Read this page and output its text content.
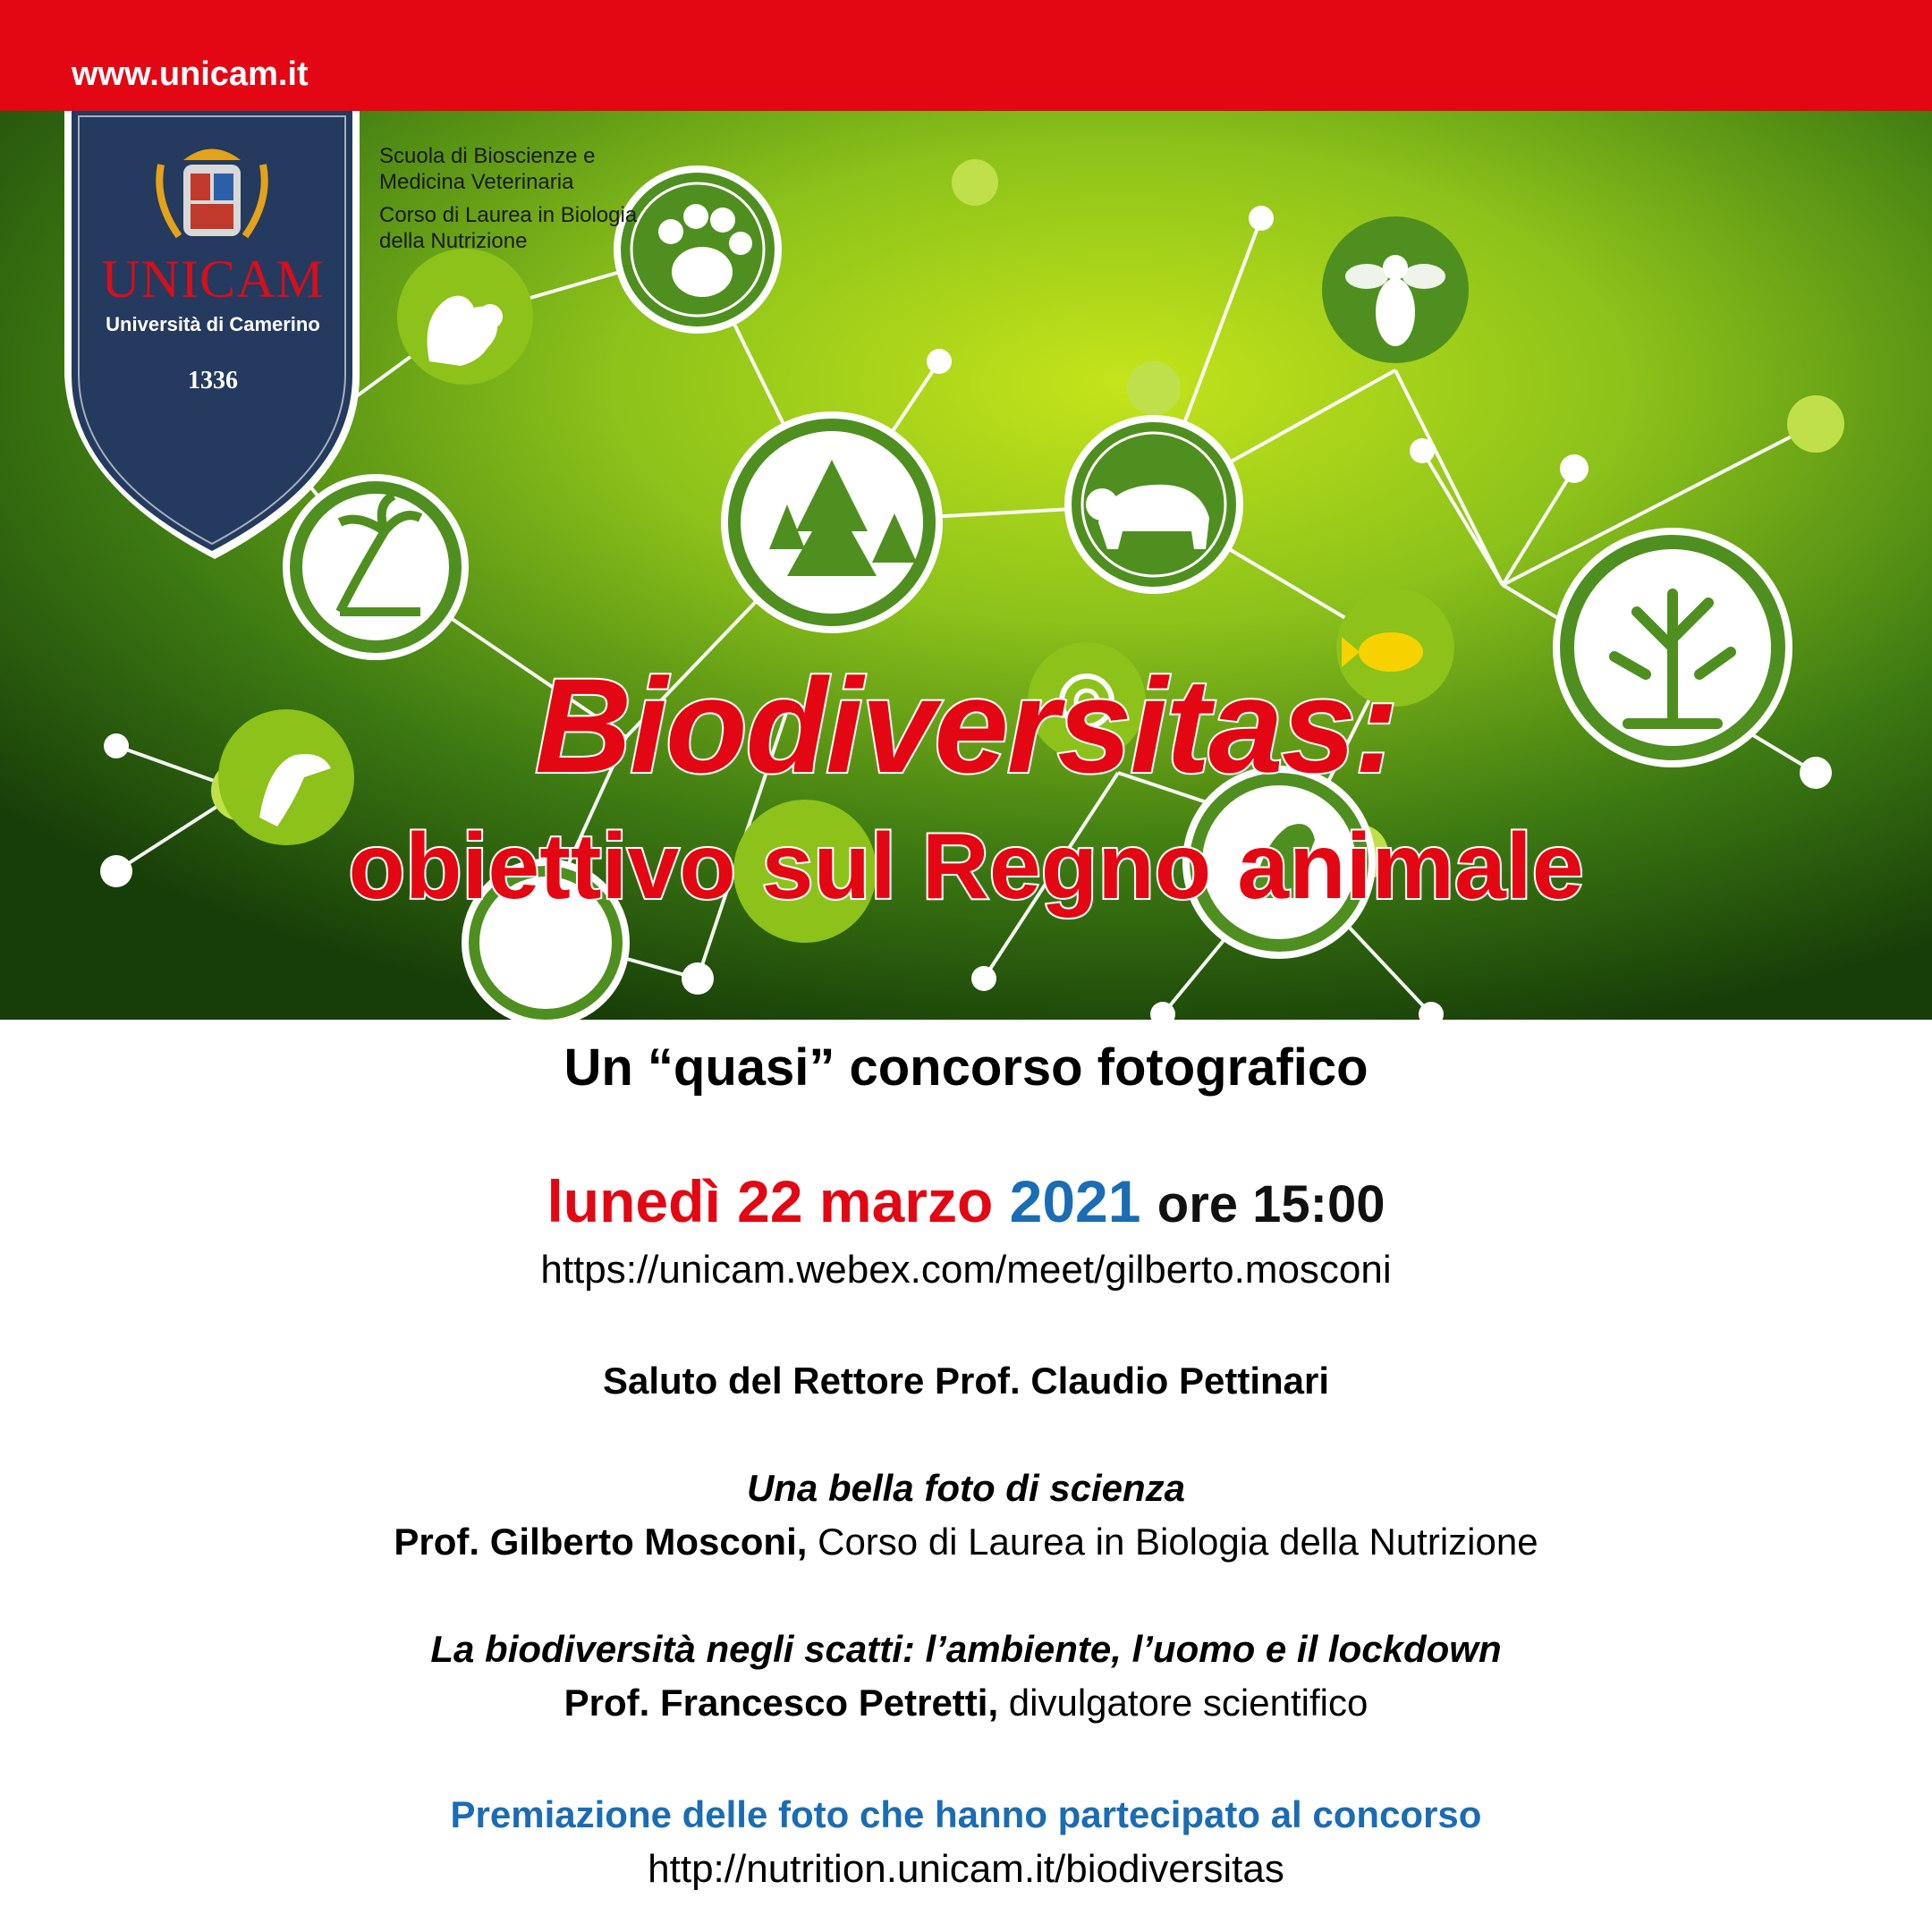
www.unicam.it
UNICAM
Università di Camerino
1336
Scuola di Bioscienze e
Medicina Veterinaria
Corso di Laurea in Biologia
della Nutrizione
Biodiversitas:
obiettivo sul Regno animale
Un “quasi” concorso fotografico
lunedì 22 marzo 2021 ore 15:00
https://unicam.webex.com/meet/gilberto.mosconi
Saluto del Rettore Prof. Claudio Pettinari
Una bella foto di scienza
Prof. Gilberto Mosconi, Corso di Laurea in Biologia della Nutrizione
La biodiversità negli scatti: l’ambiente, l’uomo e il lockdown
Prof. Francesco Petretti, divulgatore scientifico
Premiazione delle foto che hanno partecipato al concorso
http://nutrition.unicam.it/biodiversitas
